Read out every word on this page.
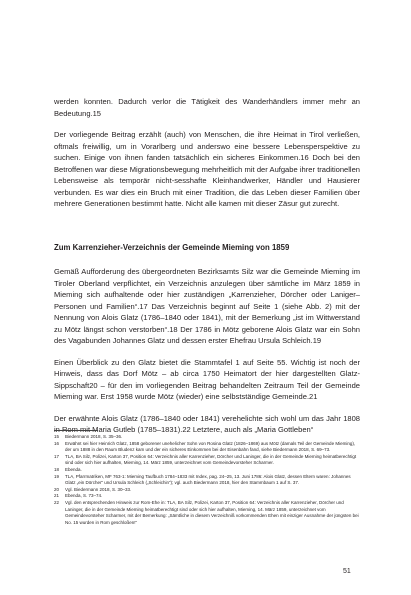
werden konnten. Dadurch verlor die Tätigkeit des Wanderhändlers immer mehr an Bedeutung.15

Der vorliegende Beitrag erzählt (auch) von Menschen, die ihre Heimat in Tirol verließen, oftmals freiwillig, um in Vorarlberg und anderswo eine bessere Lebensperspektive zu suchen. Einige von ihnen fanden tatsächlich ein sicheres Einkommen.16 Doch bei den Betroffenen war diese Migrationsbewegung mehrheitlich mit der Aufgabe ihrer traditionellen Lebensweise als temporär nicht-sesshafte Kleinhandwerker, Händler und Hausierer verbunden. Es war dies ein Bruch mit einer Tradition, die das Leben dieser Familien über mehrere Generationen bestimmt hatte. Nicht alle kamen mit dieser Zäsur gut zurecht.

Zum Karrenzieher-Verzeichnis der Gemeinde Mieming von 1859

Gemäß Aufforderung des übergeordneten Bezirksamts Silz war die Gemeinde Mieming im Tiroler Oberland verpflichtet, ein Verzeichnis anzulegen über sämtliche im März 1859 in Mieming sich aufhaltende oder hier zuständigen „Karrenzieher, Dörcher oder Laniger–Personen und Familien“.17 Das Verzeichnis beginnt auf Seite 1 (siehe Abb. 2) mit der Nennung von Alois Glatz (1786–1840 oder 1841), mit der Bemerkung „ist im Wittwerstand zu Mötz längst schon verstorben“.18 Der 1786 in Mötz geborene Alois Glatz war ein Sohn des Vagabunden Johannes Glatz und dessen erster Ehefrau Ursula Schleich.19

Einen Überblick zu den Glatz bietet die Stammtafel 1 auf Seite 55. Wichtig ist noch der Hinweis, dass das Dorf Mötz – ab circa 1750 Heimatort der hier dargestellten Glatz-Sippschaft20 – für den im vorliegenden Beitrag behandelten Zeitraum Teil der Gemeinde Mieming war. Erst 1958 wurde Mötz (wieder) eine selbstständige Gemeinde.21

Der erwähnte Alois Glatz (1786–1840 oder 1841) verehelichte sich wohl um das Jahr 1808 in Rom mit Maria Gutleb (1785–1831).22 Letztere, auch als „Maria Gottleben“

15	Biedermann 2018, S. 35–36.
16	Erwähnt sei hier Heinrich Glatz, 1858 geborener unehelicher Sohn von Rosina Glatz (1826–1869) aus Mötz (damals Teil der Gemeinde Mieming), der um 1888 in den Raum Bludenz kam und der ein sicheres Einkommen bei der Eisenbahn fand, siehe Biedermann 2018, S. 69–73.
17	TLA, BA Silz, Polizei, Karton 37, Position 64: Verzeichnis aller Karrenzieher, Dörcher und Laninger, die in der Gemeinde Mieming heimatberechtigt sind oder sich hier aufhalten, Mieming, 14. März 1859, unterzeichnet vom Gemeindevorsteher Scharmer.
18	Ebenda.
19	TLA, Pfarrmatriken, MF 763-1: Mieming Taufbuch 1784–1833 mit Index, pag. 24–25, 13. Juni 1786: Alois Glatz, dessen Eltern waren: Johannes Glatz „ein Dörcher“ und Ursula Schleich („Schleichin“); vgl. auch Biedermann 2018, hier den Stammbaum 1 auf S. 37.
20	Vgl. Biedermann 2018, S. 30–33.
21	Ebenda, S. 73–74.
22	Vgl. den entsprechenden Hinweis zur Rom-Ehe in: TLA, BA Silz, Polizei, Karton 37, Position 64: Verzeichnis aller Karrenzieher, Dörcher und Laninger, die in der Gemeinde Mieming heimatberechtigt sind oder sich hier aufhalten, Mieming, 14. März 1859, unterzeichnet vom Gemeindevorsteher Scharmer, mit der Bemerkung: „Sämtliche in diesem Verzeichniß vorkommenden Ehen mit einziger Ausnahme der jüngsten bei No. 15 wurden in Rom geschloßen!“
51
